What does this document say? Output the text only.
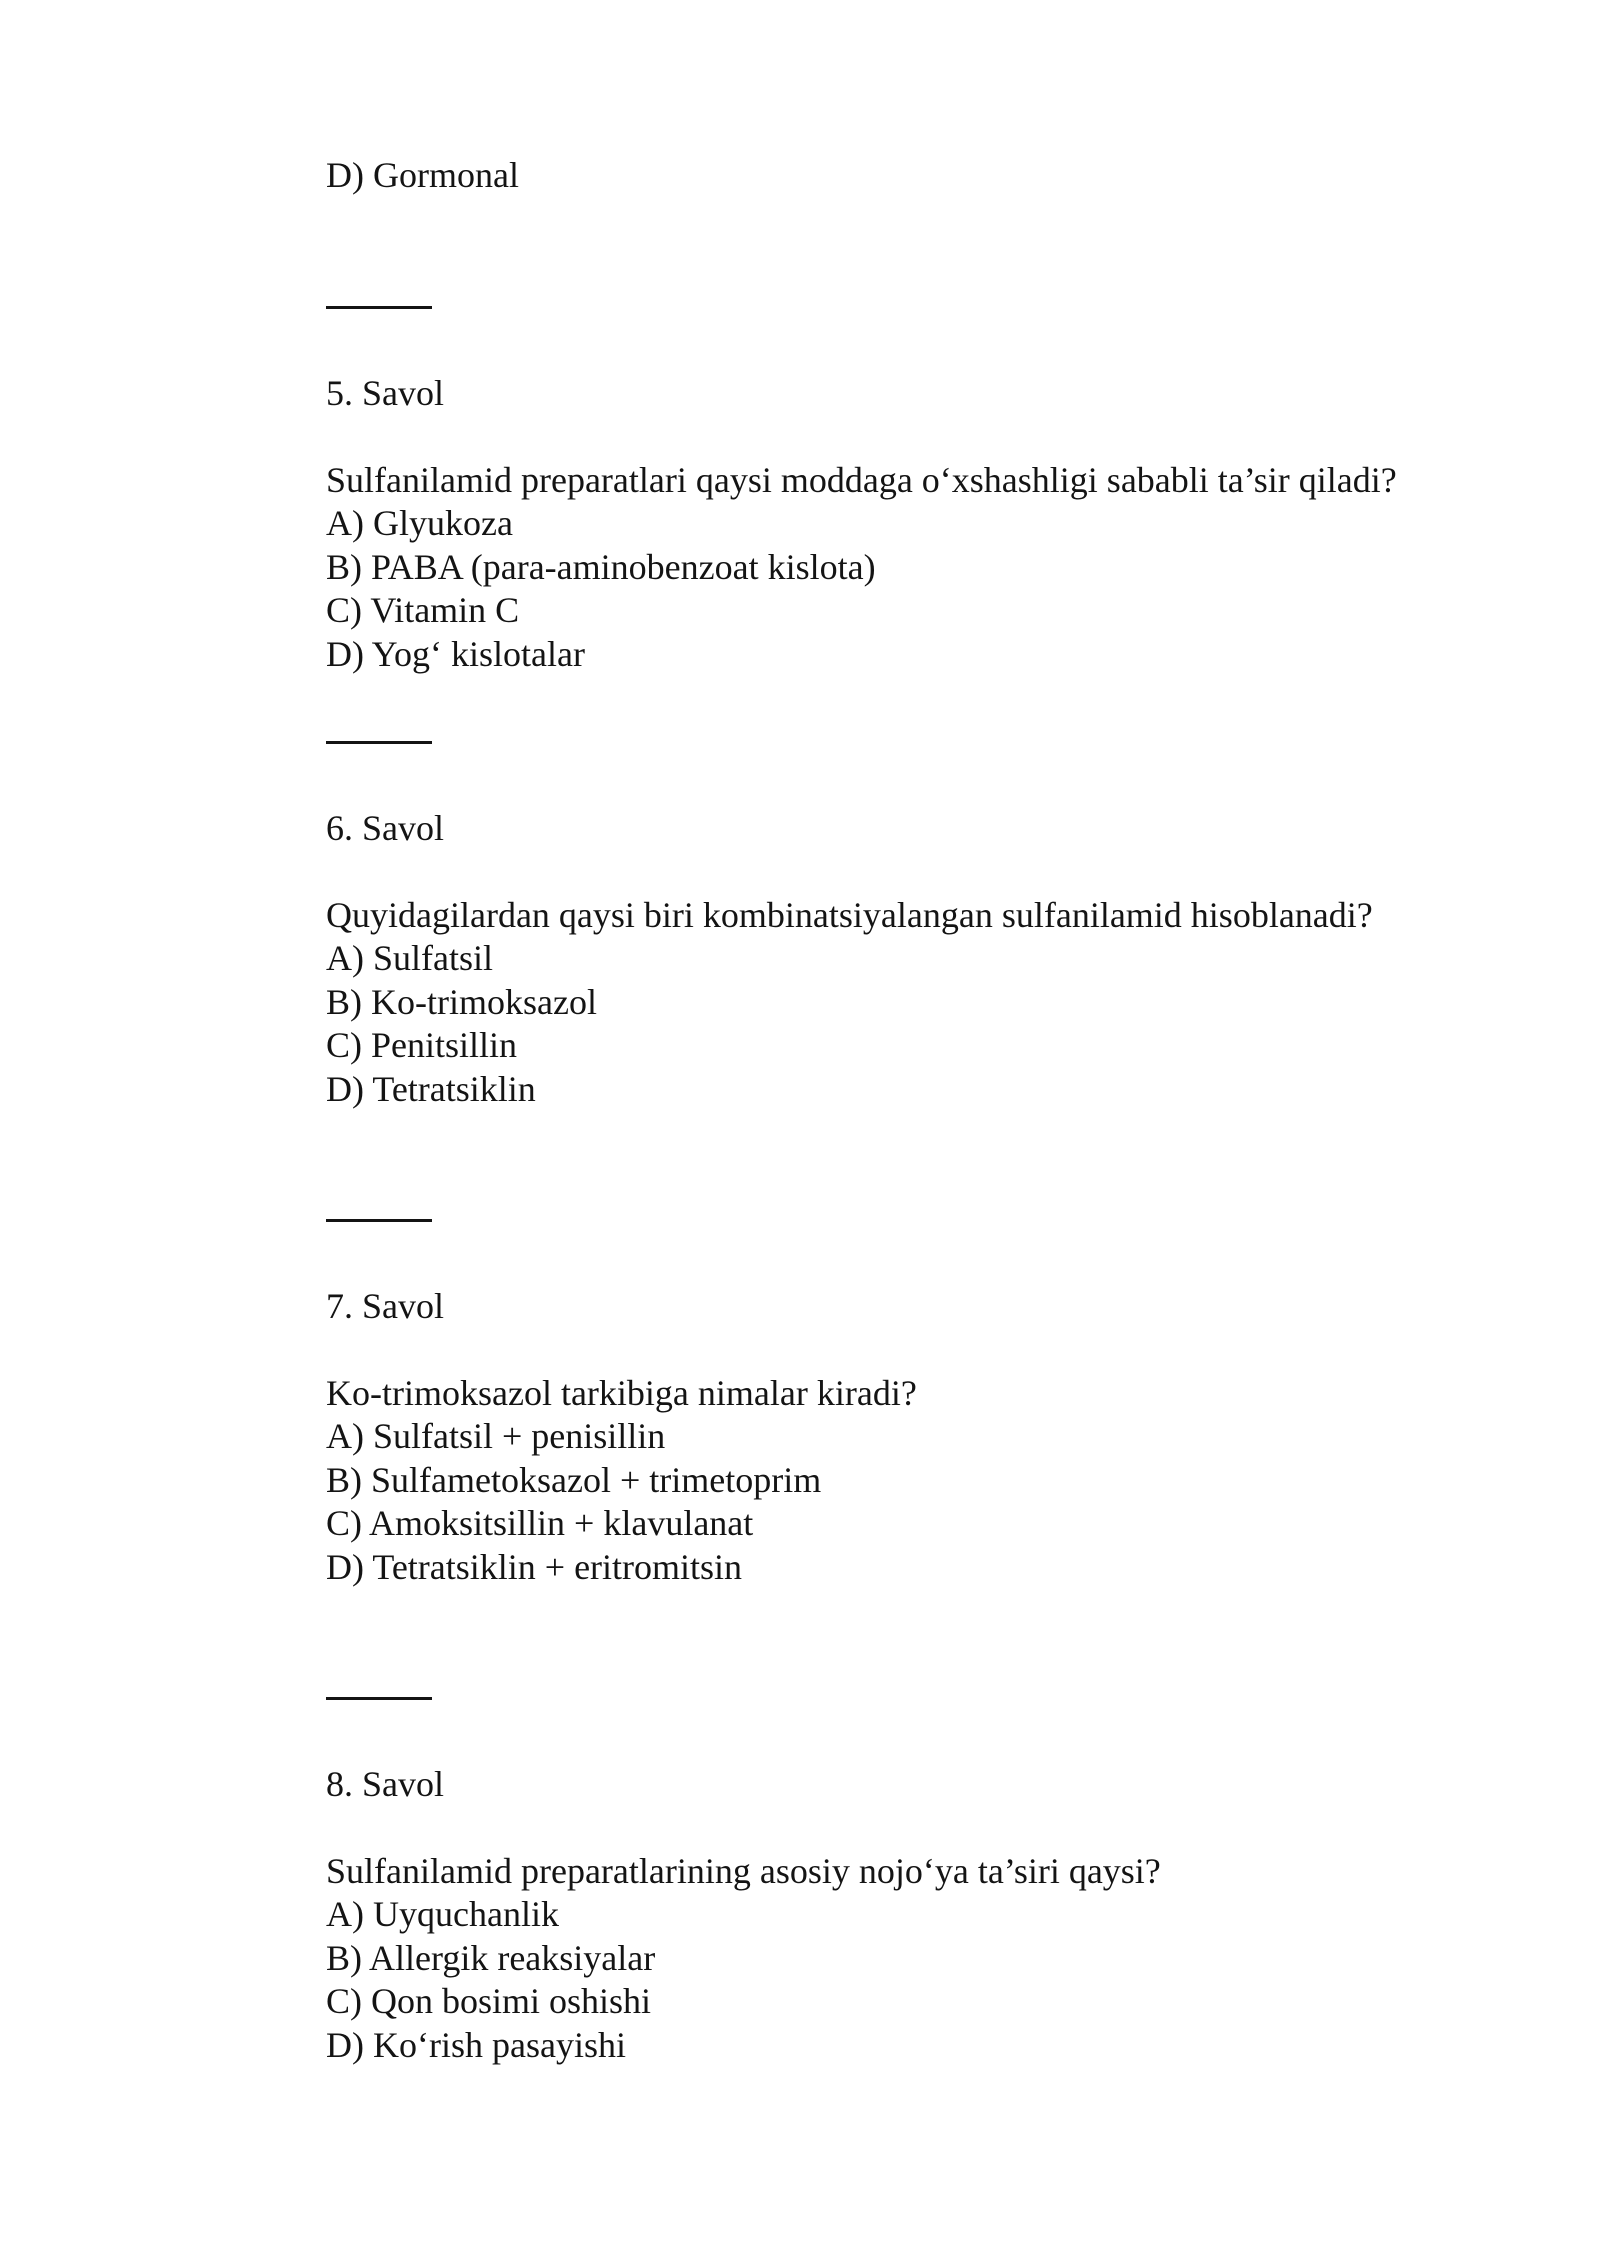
D) Gormonal
5. Savol
Sulfanilamid preparatlari qaysi moddaga o‘xshashligi sababli ta’sir qiladi?
A) Glyukoza
B) PABA (para-aminobenzoat kislota)
C) Vitamin C
D) Yog‘ kislotalar
6. Savol
Quyidagilardan qaysi biri kombinatsiyalangan sulfanilamid hisoblanadi?
A) Sulfatsil
B) Ko-trimoksazol
C) Penitsillin
D) Tetratsiklin
7. Savol
Ko-trimoksazol tarkibiga nimalar kiradi?
A) Sulfatsil + penisillin
B) Sulfametoksazol + trimetoprim
C) Amoksitsillin + klavulanat
D) Tetratsiklin + eritromitsin
8. Savol
Sulfanilamid preparatlarining asosiy nojo‘ya ta’siri qaysi?
A) Uyquchanlik
B) Allergik reaksiyalar
C) Qon bosimi oshishi
D) Ko‘rish pasayishi
